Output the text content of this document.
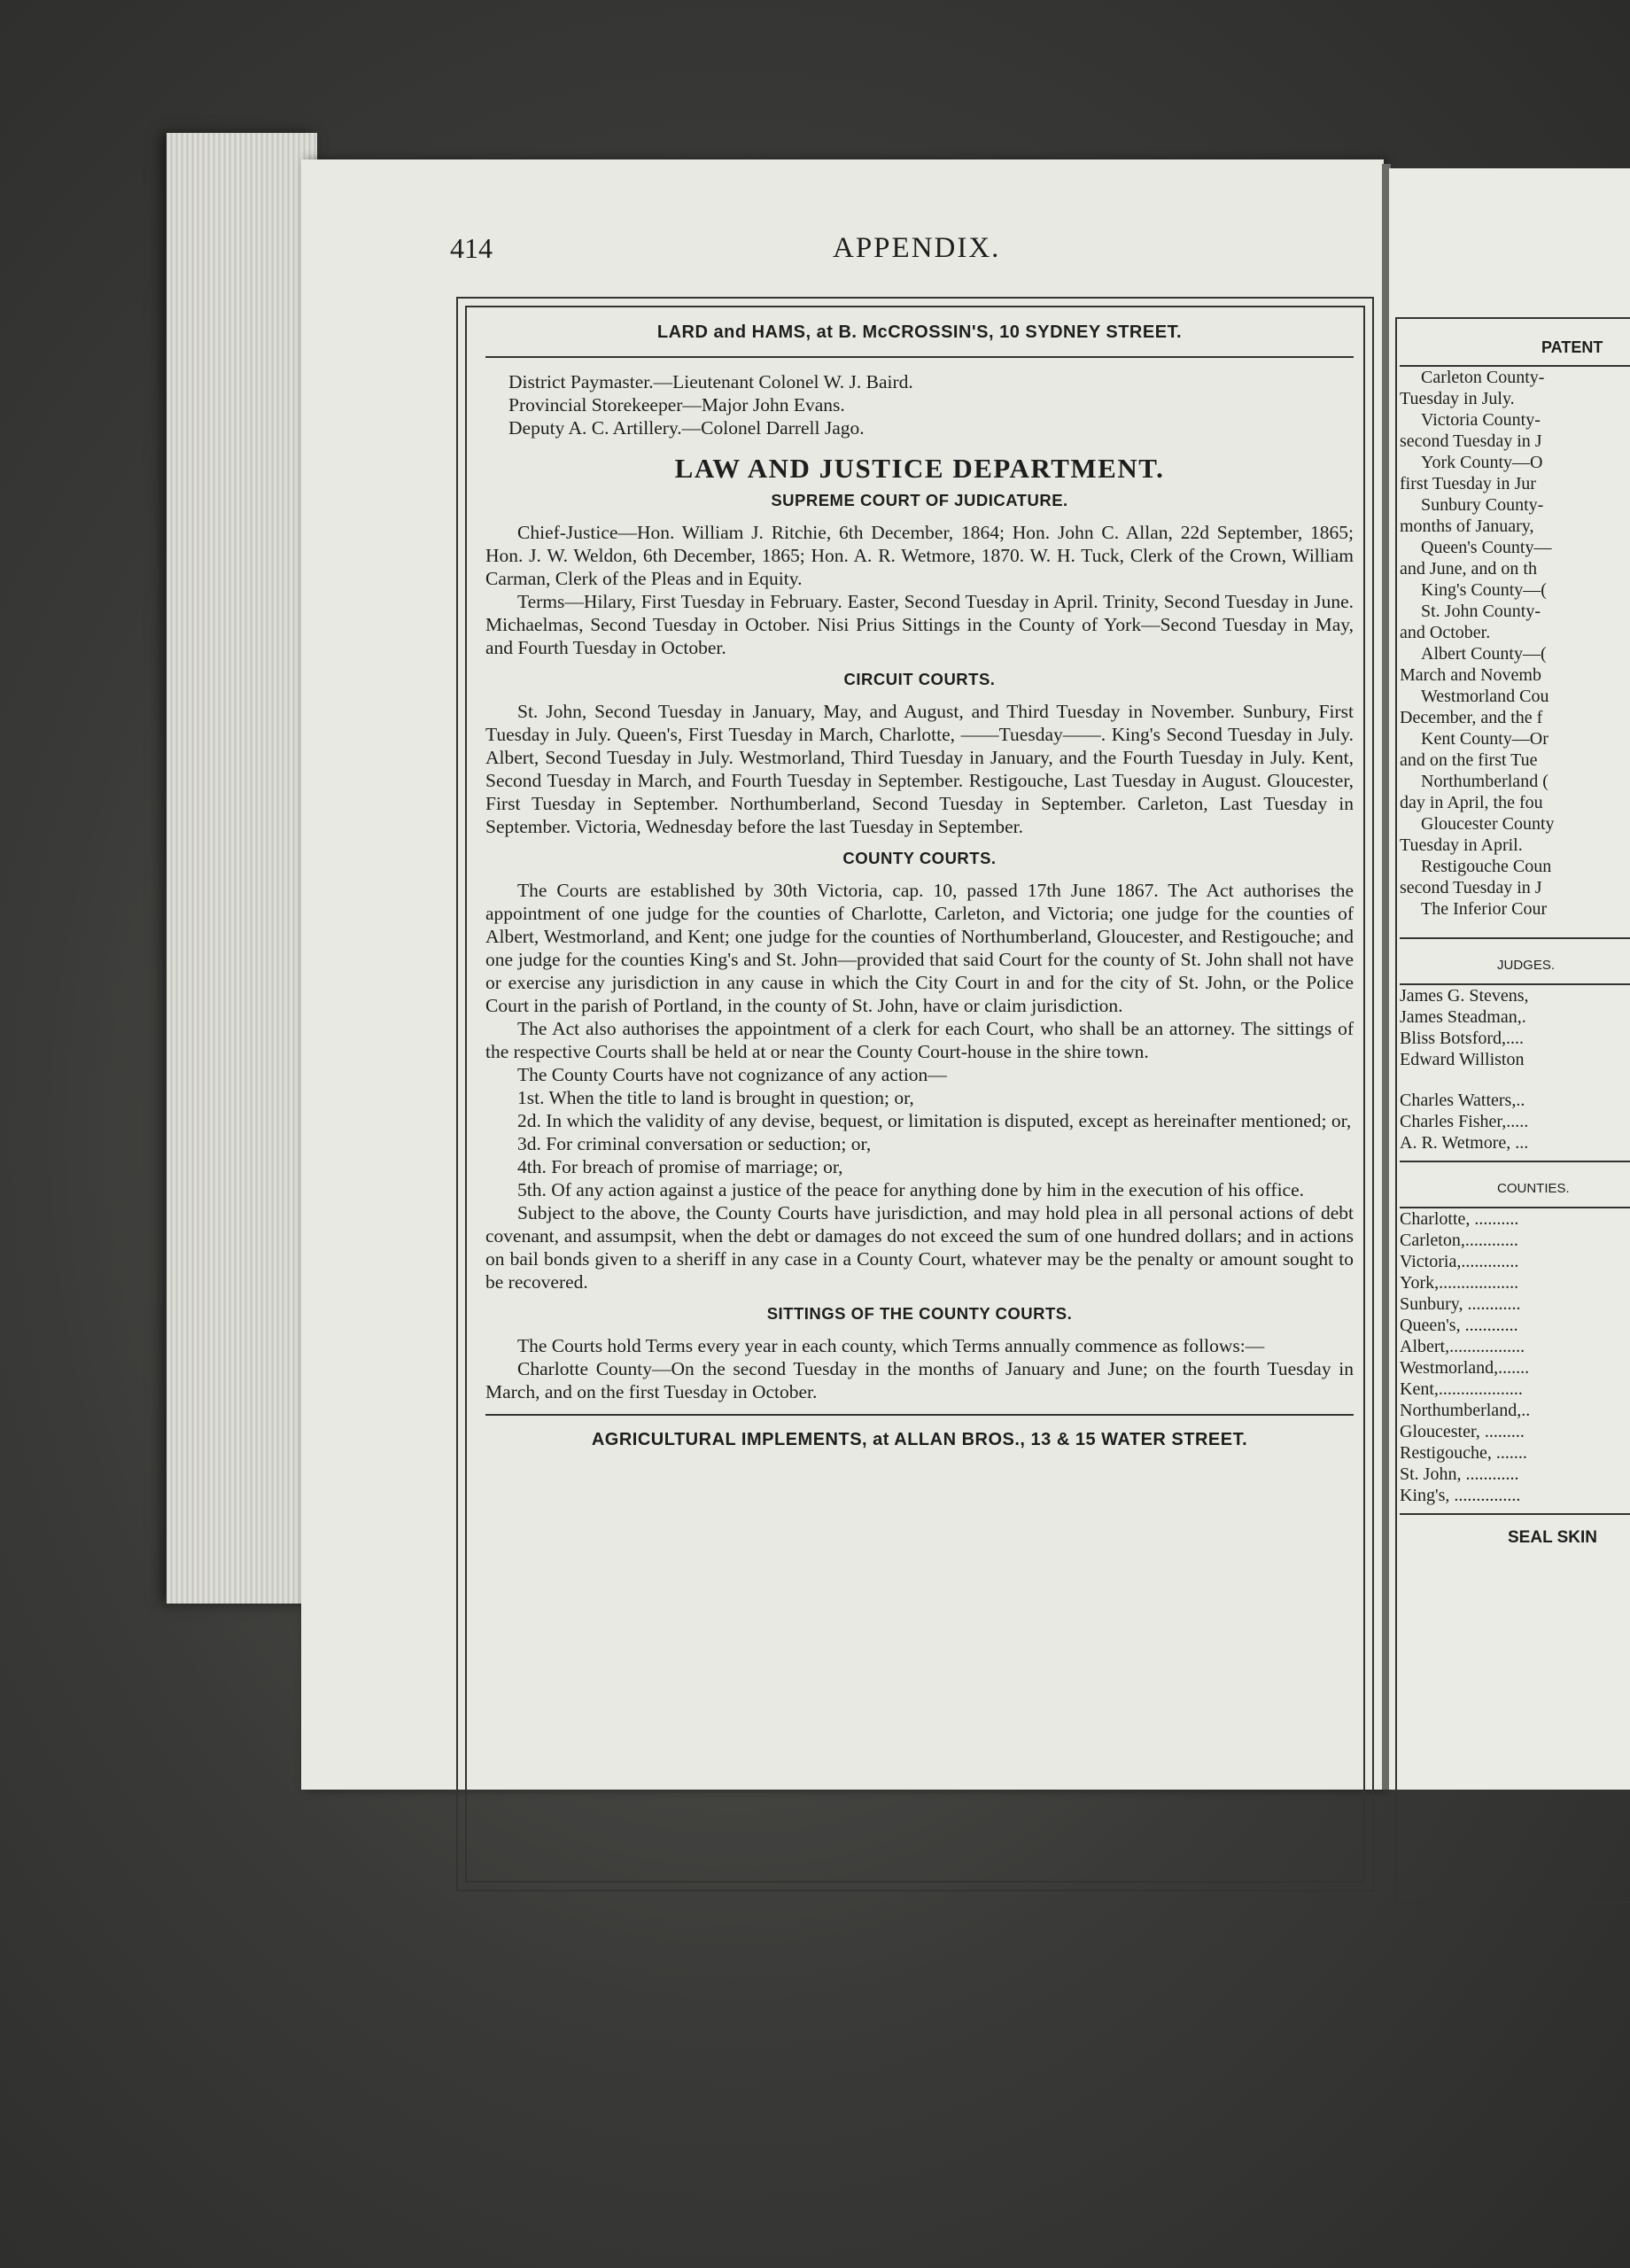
414	APPENDIX.
LARD and HAMS, at B. McCROSSIN'S, 10 SYDNEY STREET.
District Paymaster.—Lieutenant Colonel W. J. Baird.
Provincial Storekeeper—Major John Evans.
Deputy A. C. Artillery.—Colonel Darrell Jago.
LAW AND JUSTICE DEPARTMENT.
SUPREME COURT OF JUDICATURE.

Chief-Justice—Hon. William J. Ritchie, 6th December, 1864; Hon. John C. Allan, 22d September, 1865; Hon. J. W. Weldon, 6th December, 1865; Hon. A. R. Wetmore, 1870. W. H. Tuck, Clerk of the Crown, William Carman, Clerk of the Pleas and in Equity.

Terms—Hilary, First Tuesday in February. Easter, Second Tuesday in April. Trinity, Second Tuesday in June. Michaelmas, Second Tuesday in October. Nisi Prius Sittings in the County of York—Second Tuesday in May, and Fourth Tuesday in October.

CIRCUIT COURTS.

St. John, Second Tuesday in January, May, and August, and Third Tuesday in November. Sunbury, First Tuesday in July. Queen's, First Tuesday in March, Charlotte, ——Tuesday——. King's Second Tuesday in July. Albert, Second Tuesday in July. Westmorland, Third Tuesday in January, and the Fourth Tuesday in July. Kent, Second Tuesday in March, and Fourth Tuesday in September. Restigouche, Last Tuesday in August. Gloucester, First Tuesday in September. Northumberland, Second Tuesday in September. Carleton, Last Tuesday in September. Victoria, Wednesday before the last Tuesday in September.

COUNTY COURTS.

The Courts are established by 30th Victoria, cap. 10, passed 17th June 1867. The Act authorises the appointment of one judge for the counties of Charlotte, Carleton, and Victoria; one judge for the counties of Albert, Westmorland, and Kent; one judge for the counties of Northumberland, Gloucester, and Restigouche; and one judge for the counties King's and St. John—provided that said Court for the county of St. John shall not have or exercise any jurisdiction in any cause in which the City Court in and for the city of St. John, or the Police Court in the parish of Portland, in the county of St. John, have or claim jurisdiction.

The Act also authorises the appointment of a clerk for each Court, who shall be an attorney. The sittings of the respective Courts shall be held at or near the County Court-house in the shire town.

The County Courts have not cognizance of any action—

1st. When the title to land is brought in question; or,

2d. In which the validity of any devise, bequest, or limitation is disputed, except as hereinafter mentioned; or,

3d. For criminal conversation or seduction; or,

4th. For breach of promise of marriage; or,

5th. Of any action against a justice of the peace for anything done by him in the execution of his office.

Subject to the above, the County Courts have jurisdiction, and may hold plea in all personal actions of debt covenant, and assumpsit, when the debt or damages do not exceed the sum of one hundred dollars; and in actions on bail bonds given to a sheriff in any case in a County Court, whatever may be the penalty or amount sought to be recovered.

SITTINGS OF THE COUNTY COURTS.

The Courts hold Terms every year in each county, which Terms annually commence as follows:—

Charlotte County—On the second Tuesday in the months of January and June; on the fourth Tuesday in March, and on the first Tuesday in October.

AGRICULTURAL IMPLEMENTS, at ALLAN BROS., 13 & 15 WATER STREET.
PATENT
Carleton County-
Tuesday in July.
Victoria County-
second Tuesday in J
York County—O
first Tuesday in Jur
Sunbury County-
months of January,
Queen's County—
and June, and on th
King's County—(
St. John County-
and October.
Albert County—(
March and Novemb
Westmorland Cou
December, and the f
Kent County—Or
and on the first Tue
Northumberland (
day in April, the fou
Gloucester County
Tuesday in April.
Restigouche Coun
second Tuesday in J
The Inferior Cour
JUDGES.
James G. Stevens,
James Steadman,.
Bliss Botsford,....
Edward Williston
Charles Watters,..
Charles Fisher,.....
A. R. Wetmore, ...
COUNTIES.
Charlotte, ..........
Carleton,............
Victoria,.............
York,..................
Sunbury, ............
Queen's, ............
Albert,.................
Westmorland,.......
Kent,...................
Northumberland,..
Gloucester, .........
Restigouche, .......
St. John, ............
King's, ...............
SEAL SKIN
